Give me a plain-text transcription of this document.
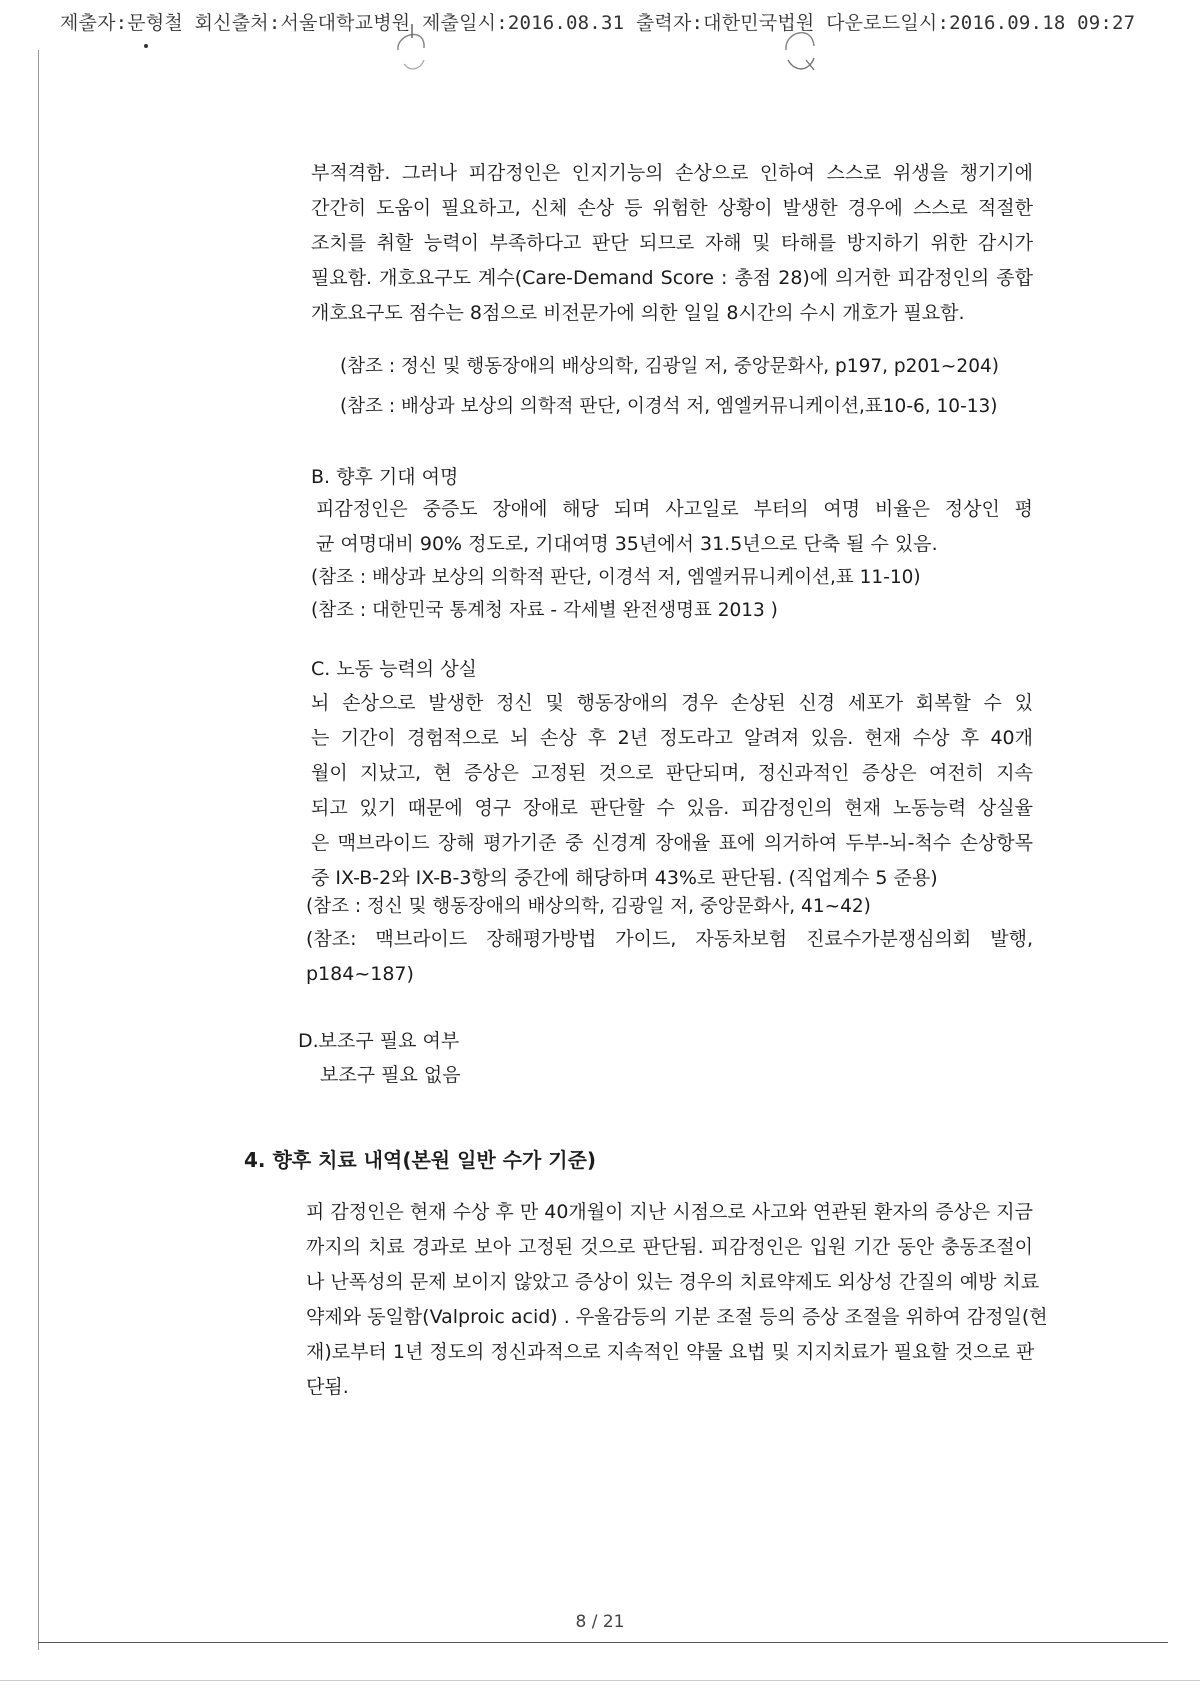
제출자:문형철 회신출처:서울대학교병원 제출일시:2016.08.31 출력자:대한민국법원 다운로드일시:2016.09.18 09:27
부적격함. 그러나 피감정인은 인지기능의 손상으로 인하여 스스로 위생을 챙기기에
간간히 도움이 필요하고, 신체 손상 등 위험한 상황이 발생한 경우에 스스로 적절한
조치를 취할 능력이 부족하다고 판단 되므로 자해 및 타해를 방지하기 위한 감시가
필요함. 개호요구도 계수(Care-Demand Score : 총점 28)에 의거한 피감정인의 종합
개호요구도 점수는 8점으로 비전문가에 의한 일일 8시간의 수시 개호가 필요함.
(참조 : 정신 및 행동장애의 배상의학, 김광일 저, 중앙문화사, p197, p201~204)
(참조 : 배상과 보상의 의학적 판단, 이경석 저, 엠엘커뮤니케이션,표10-6, 10-13)
B. 향후 기대 여명
피감정인은 중증도 장애에 해당 되며 사고일로 부터의 여명 비율은 정상인 평
균 여명대비 90% 정도로, 기대여명 35년에서 31.5년으로 단축 될 수 있음.
(참조 : 배상과 보상의 의학적 판단, 이경석 저, 엠엘커뮤니케이션,표 11-10)
(참조 : 대한민국 통계청 자료 - 각세별 완전생명표 2013 )
C. 노동 능력의 상실
뇌 손상으로 발생한 정신 및 행동장애의 경우 손상된 신경 세포가 회복할 수 있
는 기간이 경험적으로 뇌 손상 후 2년 정도라고 알려져 있음. 현재 수상 후 40개
월이 지났고, 현 증상은 고정된 것으로 판단되며, 정신과적인 증상은 여전히 지속
되고 있기 때문에 영구 장애로 판단할 수 있음. 피감정인의 현재 노동능력 상실율
은 맥브라이드 장해 평가기준 중 신경계 장애율 표에 의거하여 두부-뇌-척수 손상항목
중 IX-B-2와 IX-B-3항의 중간에 해당하며 43%로 판단됨. (직업계수 5 준용)
(참조 : 정신 및 행동장애의 배상의학, 김광일 저, 중앙문화사, 41~42)
(참조: 맥브라이드 장해평가방법 가이드, 자동차보험 진료수가분쟁심의회 발행,
p184~187)
D.보조구 필요 여부
보조구 필요 없음
4. 향후 치료 내역(본원 일반 수가 기준)
피 감정인은 현재 수상 후 만 40개월이 지난 시점으로 사고와 연관된 환자의 증상은 지금
까지의 치료 경과로 보아 고정된 것으로 판단됨. 피감정인은 입원 기간 동안 충동조절이
나 난폭성의 문제 보이지 않았고 증상이 있는 경우의 치료약제도 외상성 간질의 예방 치료
약제와 동일함(Valproic acid) . 우울감등의 기분 조절 등의 증상 조절을 위하여 감정일(현
재)로부터 1년 정도의 정신과적으로 지속적인 약물 요법 및 지지치료가 필요할 것으로 판
단됨.
8 / 21
